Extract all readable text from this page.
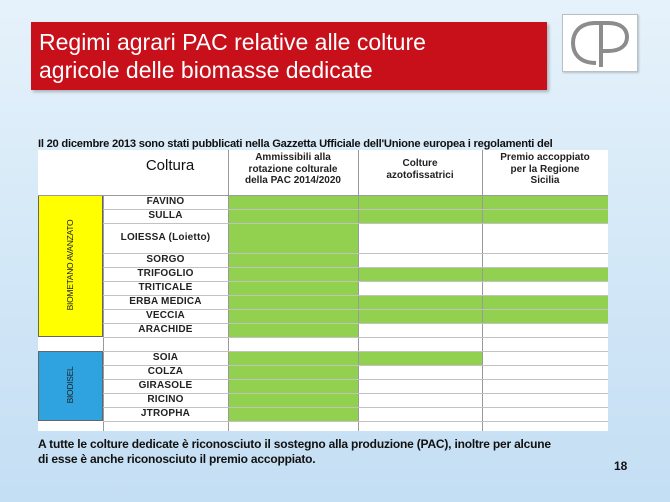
Regimi agrari PAC relative alle colture
agricole delle biomasse dedicate

Il 20 dicembre 2013 sono stati pubblicati nella Gazzetta Ufficiale dell'Unione europea i regolamenti del

Coltura	Ammissibili alla
rotazione colturale
della PAC 2014/2020
Colture
azotofissatrici
Premio accoppiato
per la Regione
Sicilia
FAVINO
SULLA
LOIESSA (Loietto)
SORGO
TRIFOGLIO
TRITICALE
ERBA MEDICA
VECCIA
ARACHIDE
SOIA
COLZA
GIRASOLE
RICINO
JTROPHA
BIOMETANO AVANZATO
BIODISEL
A tutte le colture dedicate è riconosciuto il sostegno alla produzione (PAC), inoltre per alcune
di esse è anche riconosciuto il premio accoppiato.	18
